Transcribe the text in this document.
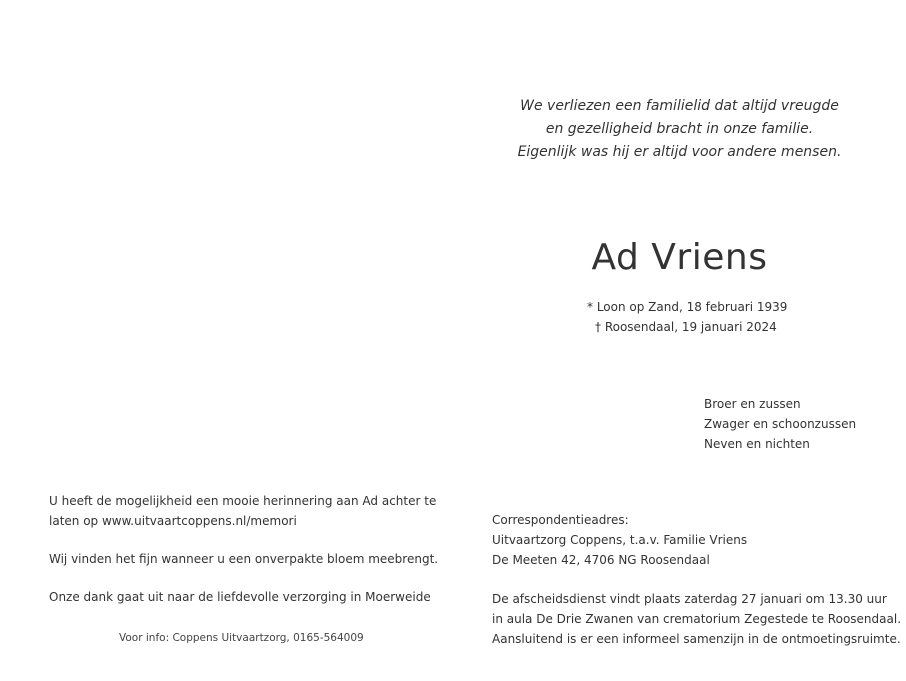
We verliezen een familielid dat altijd vreugde
en gezelligheid bracht in onze familie.
Eigenlijk was hij er altijd voor andere mensen.
Ad Vriens
* Loon op Zand, 18 februari 1939
† Roosendaal, 19 januari 2024
Broer en zussen
Zwager en schoonzussen
Neven en nichten
U heeft de mogelijkheid een mooie herinnering aan Ad achter te
laten op www.uitvaartcoppens.nl/memori
Wij vinden het fijn wanneer u een onverpakte bloem meebrengt.
Onze dank gaat uit naar de liefdevolle verzorging in Moerweide
Voor info: Coppens Uitvaartzorg, 0165-564009
Correspondentieadres:
Uitvaartzorg Coppens, t.a.v. Familie Vriens
De Meeten 42, 4706 NG Roosendaal
De afscheidsdienst vindt plaats zaterdag 27 januari om 13.30 uur
in aula De Drie Zwanen van crematorium Zegestede te Roosendaal.
Aansluitend is er een informeel samenzijn in de ontmoetingsruimte.
